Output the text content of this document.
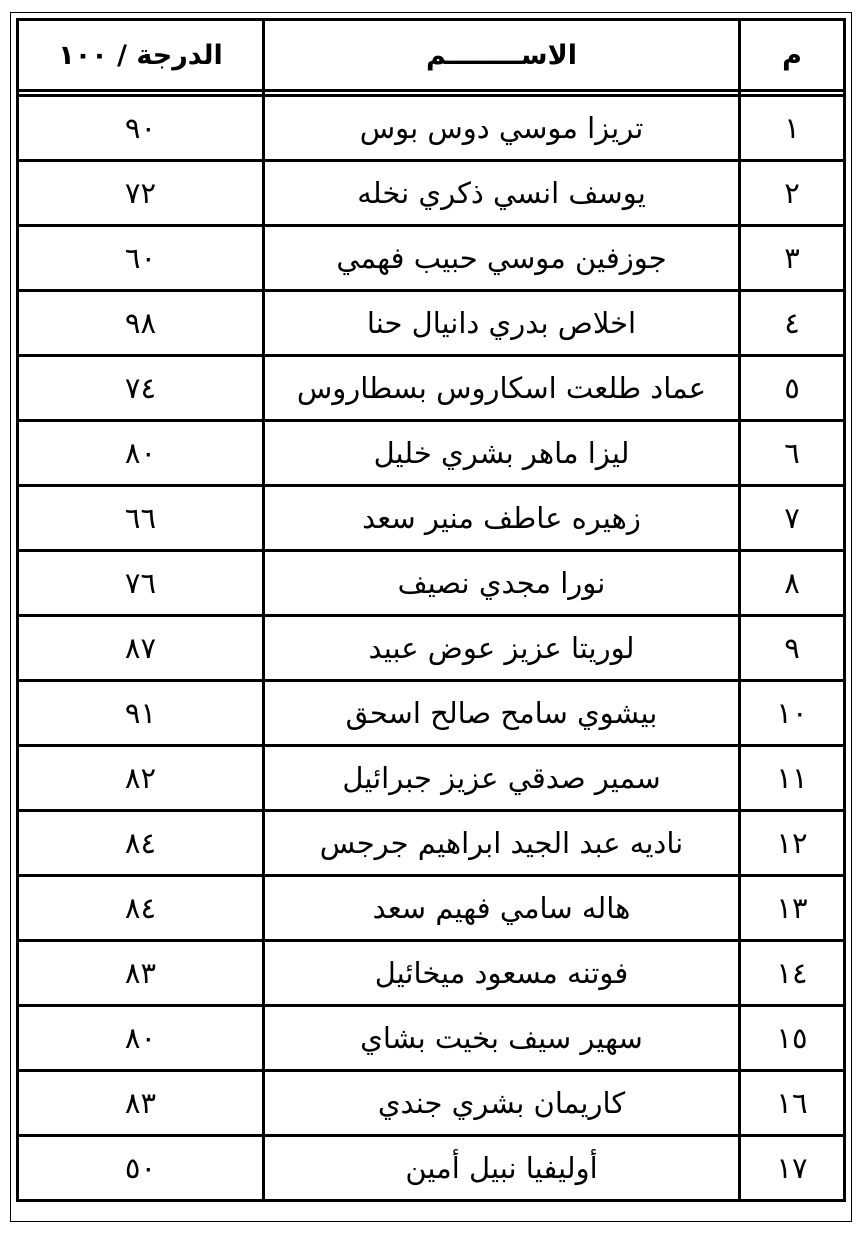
م	الاســــــــم	الدرجة / ١٠٠

١	تريزا موسي دوس بوس	٩٠
٢	يوسف انسي ذكري نخله	٧٢
٣	جوزفين موسي حبيب فهمي	٦٠
٤	اخلاص بدري دانيال حنا	٩٨
٥	عماد طلعت اسكاروس بسطاروس	٧٤
٦	ليزا ماهر بشري خليل	٨٠
٧	زهيره عاطف منير سعد	٦٦
٨	نورا مجدي نصيف	٧٦
٩	لوريتا عزيز عوض عبيد	٨٧
١٠	بيشوي سامح صالح اسحق	٩١
١١	سمير صدقي عزيز جبرائيل	٨٢
١٢	ناديه عبد الجيد ابراهيم جرجس	٨٤
١٣	هاله سامي فهيم سعد	٨٤
١٤	فوتنه مسعود ميخائيل	٨٣
١٥	سهير سيف بخيت بشاي	٨٠
١٦	كاريمان بشري جندي	٨٣
١٧	أوليفيا نبيل أمين	٥٠
